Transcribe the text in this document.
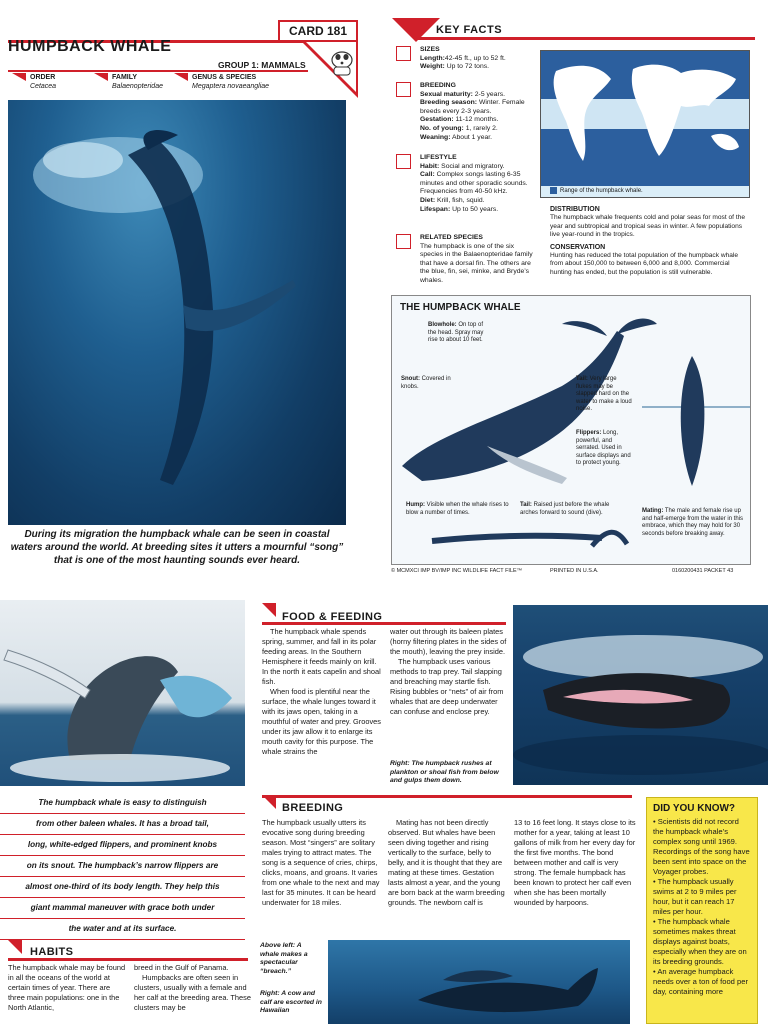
CARD 181
HUMPBACK WHALE
GROUP 1: MAMMALS
ORDER
Cetacea
FAMILY
Balaenopteridae
GENUS & SPECIES
Megaptera novaeangliae
During its migration the humpback whale can be seen in coastal waters around the world. At breeding sites it utters a mournful “song” that is one of the most haunting sounds ever heard.
KEY FACTS
SIZES
Length:42-45 ft., up to 52 ft.
Weight: Up to 72 tons.
BREEDING
Sexual maturity: 2-5 years.
Breeding season: Winter. Female breeds every 2-3 years.
Gestation: 11-12 months.
No. of young: 1, rarely 2.
Weaning: About 1 year.
LIFESTYLE
Habit: Social and migratory.
Call: Complex songs lasting 6-35 minutes and other sporadic sounds. Frequencies from 40-50 kHz.
Diet: Krill, fish, squid.
Lifespan: Up to 50 years.
RELATED SPECIES
The humpback is one of the six species in the Balaenopteridae family that have a dorsal fin. The others are the blue, fin, sei, minke, and Bryde’s whales.
Range of the humpback whale.
DISTRIBUTION
The humpback whale frequents cold and polar seas for most of the year and subtropical and tropical seas in winter. A few populations live year-round in the tropics.
CONSERVATION
Hunting has reduced the total population of the humpback whale from about 150,000 to between 6,000 and 8,000. Commercial hunting has ended, but the population is still vulnerable.
THE HUMPBACK WHALE
Blowhole: On top of the head. Spray may rise to about 10 feet.
Snout: Covered in knobs.
Tail: Very large flukes may be slapped hard on the water to make a loud noise.
Flippers: Long, powerful, and serrated. Used in surface displays and to protect young.
Hump: Visible when the whale rises to blow a number of times.
Tail: Raised just before the whale arches forward to sound (dive).	Mating: The male and female rise up and half-emerge from the water in this embrace, which they may hold for 30 seconds before breaking away.
© MCMXCI IMP BV/IMP INC WILDLIFE FACT FILE™	PRINTED IN U.S.A.	0160200431 PACKET 43
FOOD & FEEDING

The humpback whale spends spring, summer, and fall in its polar feeding areas. In the Southern Hemisphere it feeds mainly on krill. In the north it eats capelin and shoal fish.

When food is plentiful near the surface, the whale lunges toward it with its jaws open, taking in a mouthful of water and prey. Grooves under its jaw allow it to enlarge its mouth cavity for this purpose. The whale strains the

water out through its baleen plates (horny filtering plates in the sides of the mouth), leaving the prey inside.

The humpback uses various methods to trap prey. Tail slapping and breaching may startle fish. Rising bubbles or “nets” of air from whales that are deep underwater can confuse and enclose prey.

Right: The humpback rushes at plankton or shoal fish from below and gulps them down.
The humpback whale is easy to distinguish
from other baleen whales. It has a broad tail,
long, white-edged flippers, and prominent knobs
on its snout. The humpback’s narrow flippers are
almost one-third of its body length. They help this
giant mammal maneuver with grace both under
the water and at its surface.
BREEDING

The humpback usually utters its evocative song during breeding season. Most “singers” are solitary males trying to attract mates. The song is a sequence of cries, chirps, clicks, moans, and groans. It varies from one whale to the next and may last for 35 minutes. It can be heard underwater for 18 miles.

Mating has not been directly observed. But whales have been seen diving together and rising vertically to the surface, belly to belly, and it is thought that they are mating at these times. Gestation lasts almost a year, and the young are born back at the warm breeding grounds. The newborn calf is

13 to 16 feet long. It stays close to its mother for a year, taking at least 10 gallons of milk from her every day for the first five months. The bond between mother and calf is very strong. The female humpback has been known to protect her calf even when she has been mortally wounded by harpoons.

HABITS

The humpback whale may be found in all the oceans of the world at certain times of year. There are three main populations: one in the North Atlantic,

breed in the Gulf of Panama.

Humpbacks are often seen in clusters, usually with a female and her calf at the breeding area. These clusters may be

Above left: A whale makes a spectacular “breach.”
Right: A cow and calf are escorted in Hawaiian
DID YOU KNOW?
• Scientists did not record the humpback whale’s complex song until 1969. Recordings of the song have been sent into space on the Voyager probes.
• The humpback usually swims at 2 to 9 miles per hour, but it can reach 17 miles per hour.
• The humpback whale sometimes makes threat displays against boats, especially when they are on its breeding grounds.
• An average humpback needs over a ton of food per day, containing more
